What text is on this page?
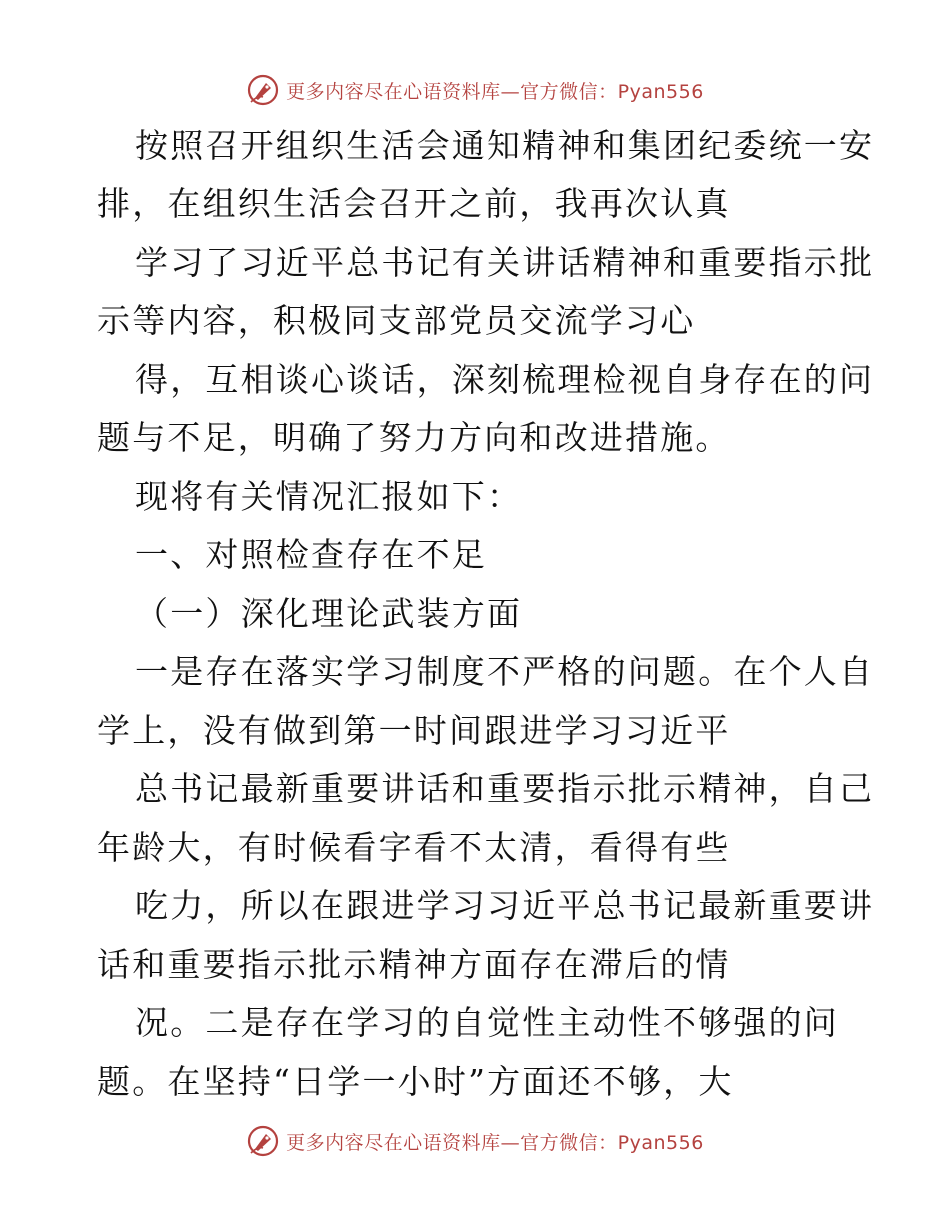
更多内容尽在心语资料库—官方微信：Pyan556
按照召开组织生活会通知精神和集团纪委统一安
排，在组织生活会召开之前，我再次认真
学习了习近平总书记有关讲话精神和重要指示批
示等内容，积极同支部党员交流学习心
得，互相谈心谈话，深刻梳理检视自身存在的问
题与不足，明确了努力方向和改进措施。
现将有关情况汇报如下：
一、对照检查存在不足
（一）深化理论武装方面
一是存在落实学习制度不严格的问题。在个人自
学上，没有做到第一时间跟进学习习近平
总书记最新重要讲话和重要指示批示精神，自己
年龄大，有时候看字看不太清，看得有些
吃力，所以在跟进学习习近平总书记最新重要讲
话和重要指示批示精神方面存在滞后的情
况。二是存在学习的自觉性主动性不够强的问
题。在坚持“日学一小时”方面还不够，大
更多内容尽在心语资料库—官方微信：Pyan556
